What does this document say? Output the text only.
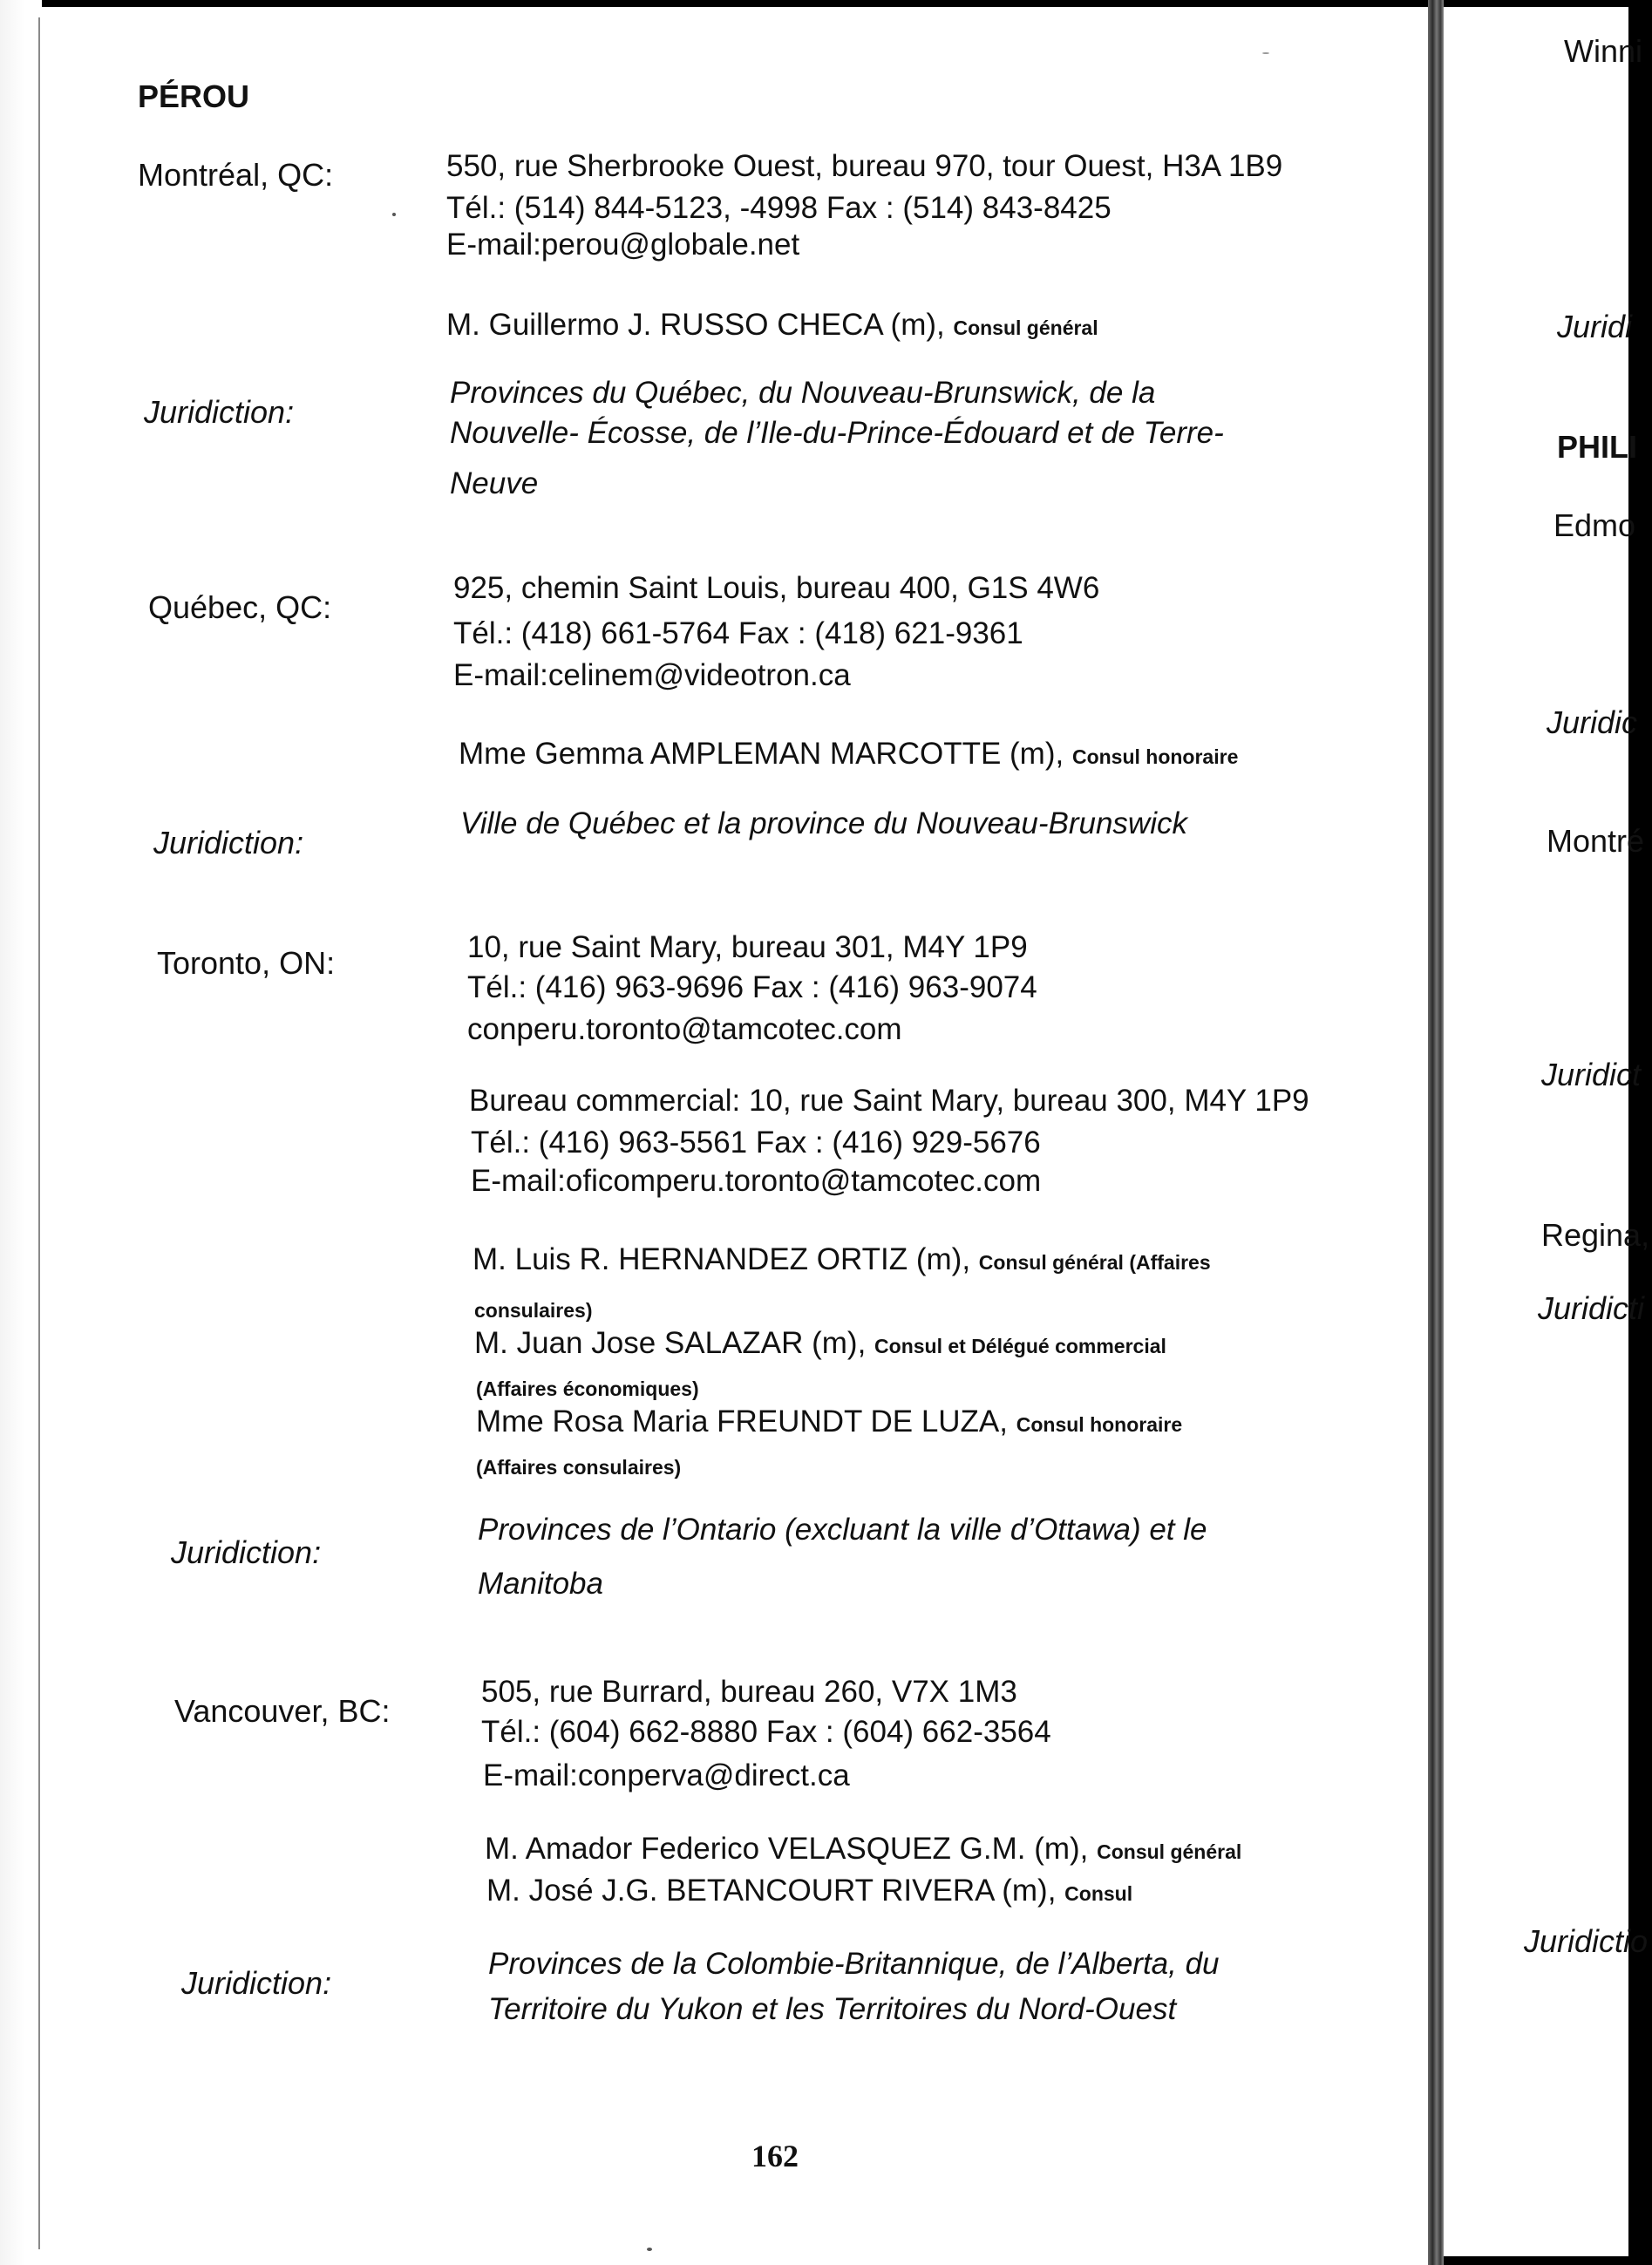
PÉROU
Montréal, QC:	550, rue Sherbrooke Ouest, bureau 970, tour Ouest, H3A 1B9
Tél.: (514) 844-5123, -4998 Fax : (514) 843-8425
E-mail:perou@globale.net
M. Guillermo J. RUSSO CHECA (m), Consul général
Juridiction:
Provinces du Québec, du Nouveau-Brunswick, de la
Nouvelle- Écosse, de l’Ile-du-Prince-Édouard et de Terre-
Neuve
Québec, QC:
925, chemin Saint Louis, bureau 400, G1S 4W6
Tél.: (418) 661-5764 Fax : (418) 621-9361
E-mail:celinem@videotron.ca
Mme Gemma AMPLEMAN MARCOTTE (m), Consul honoraire
Juridiction:
Ville de Québec et la province du Nouveau-Brunswick
Toronto, ON:	10, rue Saint Mary, bureau 301, M4Y 1P9
Tél.: (416) 963-9696 Fax : (416) 963-9074
conperu.toronto@tamcotec.com
Bureau commercial: 10, rue Saint Mary, bureau 300, M4Y 1P9
Tél.: (416) 963-5561 Fax : (416) 929-5676
E-mail:oficomperu.toronto@tamcotec.com
M. Luis R. HERNANDEZ ORTIZ (m), Consul général (Affaires
consulaires)
M. Juan Jose SALAZAR (m), Consul et Délégué commercial
(Affaires économiques)
Mme Rosa Maria FREUNDT DE LUZA, Consul honoraire
(Affaires consulaires)
Juridiction:
Provinces de l’Ontario (excluant la ville d’Ottawa) et le
Manitoba
Vancouver, BC:
505, rue Burrard, bureau 260, V7X 1M3
Tél.: (604) 662-8880 Fax : (604) 662-3564
E-mail:conperva@direct.ca
M. Amador Federico VELASQUEZ G.M. (m), Consul général
M. José J.G. BETANCOURT RIVERA (m), Consul
Juridiction:
Provinces de la Colombie-Britannique, de l’Alberta, du
Territoire du Yukon et les Territoires du Nord-Ouest
162
Winni
Juridi
PHILI
Edmo
Juridic
Montré
Juridict
Regina,
Juridicti
Juridictio
